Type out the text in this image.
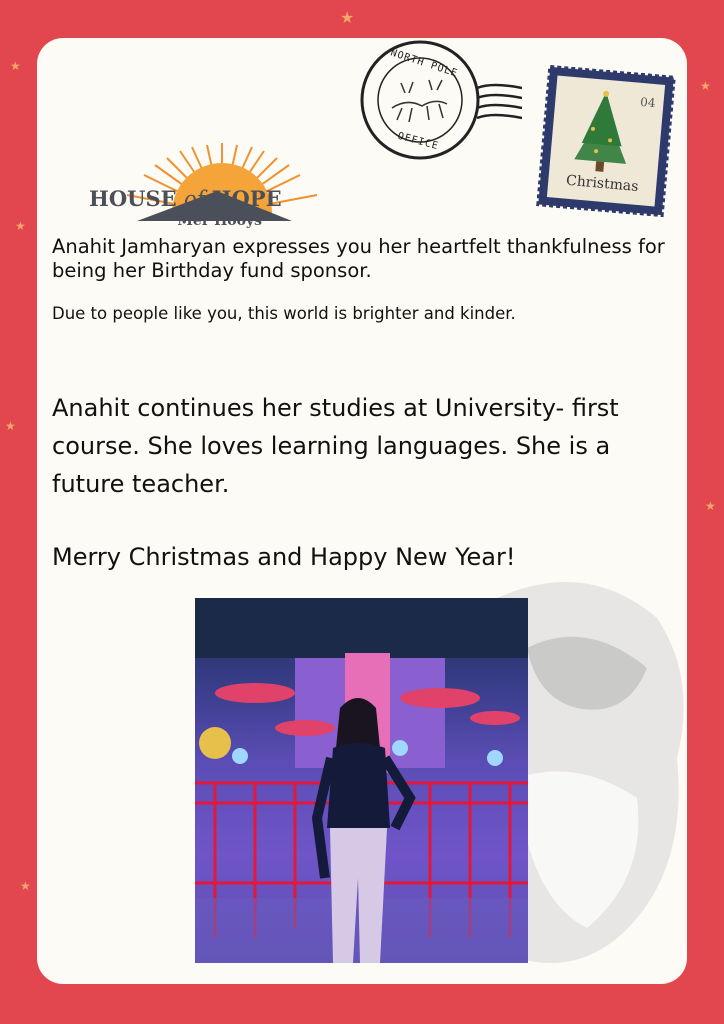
★
★
★
★
★
★
★
HOUSE of HOPE
Mer Hooys
NORTH POLE
OFFICE
04
Christmas
Anahit Jamharyan expresses you her heartfelt thankfulness for being her Birthday fund sponsor.
Due to people like you, this world is brighter and kinder.
Anahit continues her studies at University- first course. She loves learning languages. She is a future teacher.
Merry Christmas and Happy New Year!
